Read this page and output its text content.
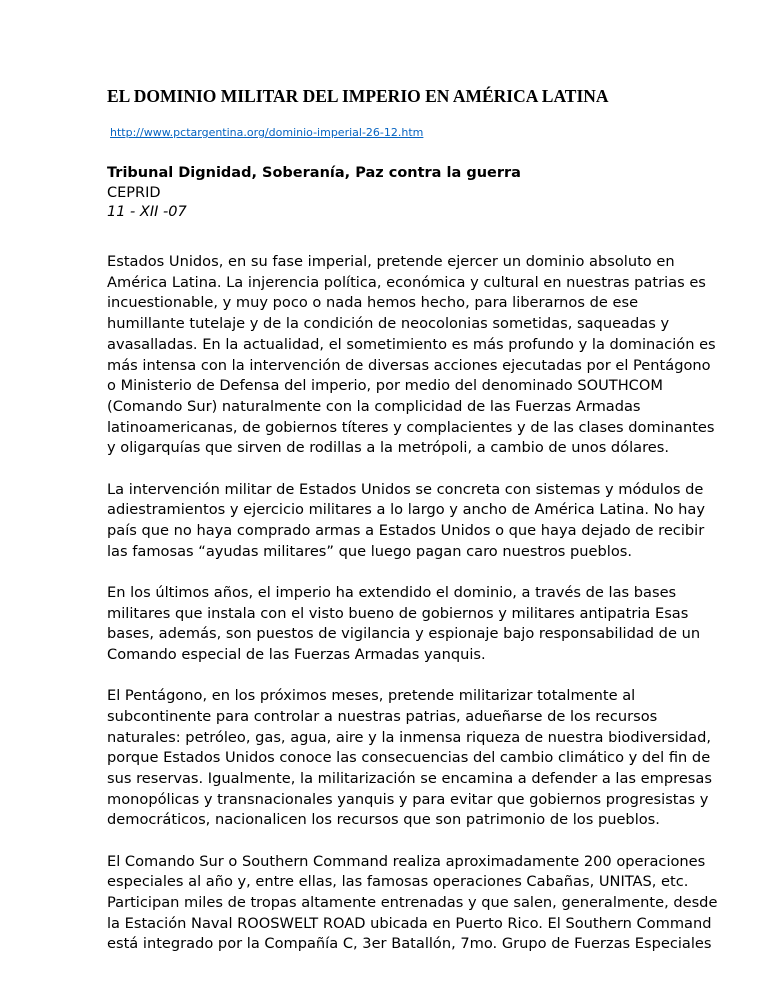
EL DOMINIO MILITAR DEL IMPERIO EN AMÉRICA LATINA
http://www.pctargentina.org/dominio-imperial-26-12.htm
Tribunal Dignidad, Soberanía, Paz contra la guerra
CEPRID
11 - XII -07

Estados Unidos, en su fase imperial, pretende ejercer un dominio absoluto en
América Latina. La injerencia política, económica y cultural en nuestras patrias es
incuestionable, y muy poco o nada hemos hecho, para liberarnos de ese
humillante tutelaje y de la condición de neocolonias sometidas, saqueadas y
avasalladas. En la actualidad, el sometimiento es más profundo y la dominación es
más intensa con la intervención de diversas acciones ejecutadas por el Pentágono
o Ministerio de Defensa del imperio, por medio del denominado SOUTHCOM
(Comando Sur) naturalmente con la complicidad de las Fuerzas Armadas
latinoamericanas, de gobiernos títeres y complacientes y de las clases dominantes
y oligarquías que sirven de rodillas a la metrópoli, a cambio de unos dólares.

La intervención militar de Estados Unidos se concreta con sistemas y módulos de
adiestramientos y ejercicio militares a lo largo y ancho de América Latina. No hay
país que no haya comprado armas a Estados Unidos o que haya dejado de recibir
las famosas “ayudas militares” que luego pagan caro nuestros pueblos.

En los últimos años, el imperio ha extendido el dominio, a través de las bases
militares que instala con el visto bueno de gobiernos y militares antipatria Esas
bases, además, son puestos de vigilancia y espionaje bajo responsabilidad de un
Comando especial de las Fuerzas Armadas yanquis.

El Pentágono, en los próximos meses, pretende militarizar totalmente al
subcontinente para controlar a nuestras patrias, adueñarse de los recursos
naturales: petróleo, gas, agua, aire y la inmensa riqueza de nuestra biodiversidad,
porque Estados Unidos conoce las consecuencias del cambio climático y del fin de
sus reservas. Igualmente, la militarización se encamina a defender a las empresas
monopólicas y transnacionales yanquis y para evitar que gobiernos progresistas y
democráticos, nacionalicen los recursos que son patrimonio de los pueblos.

El Comando Sur o Southern Command realiza aproximadamente 200 operaciones
especiales al año y, entre ellas, las famosas operaciones Cabañas, UNITAS, etc.
Participan miles de tropas altamente entrenadas y que salen, generalmente, desde
la Estación Naval ROOSWELT ROAD ubicada en Puerto Rico. El Southern Command
está integrado por la Compañía C, 3er Batallón, 7mo. Grupo de Fuerzas Especiales
